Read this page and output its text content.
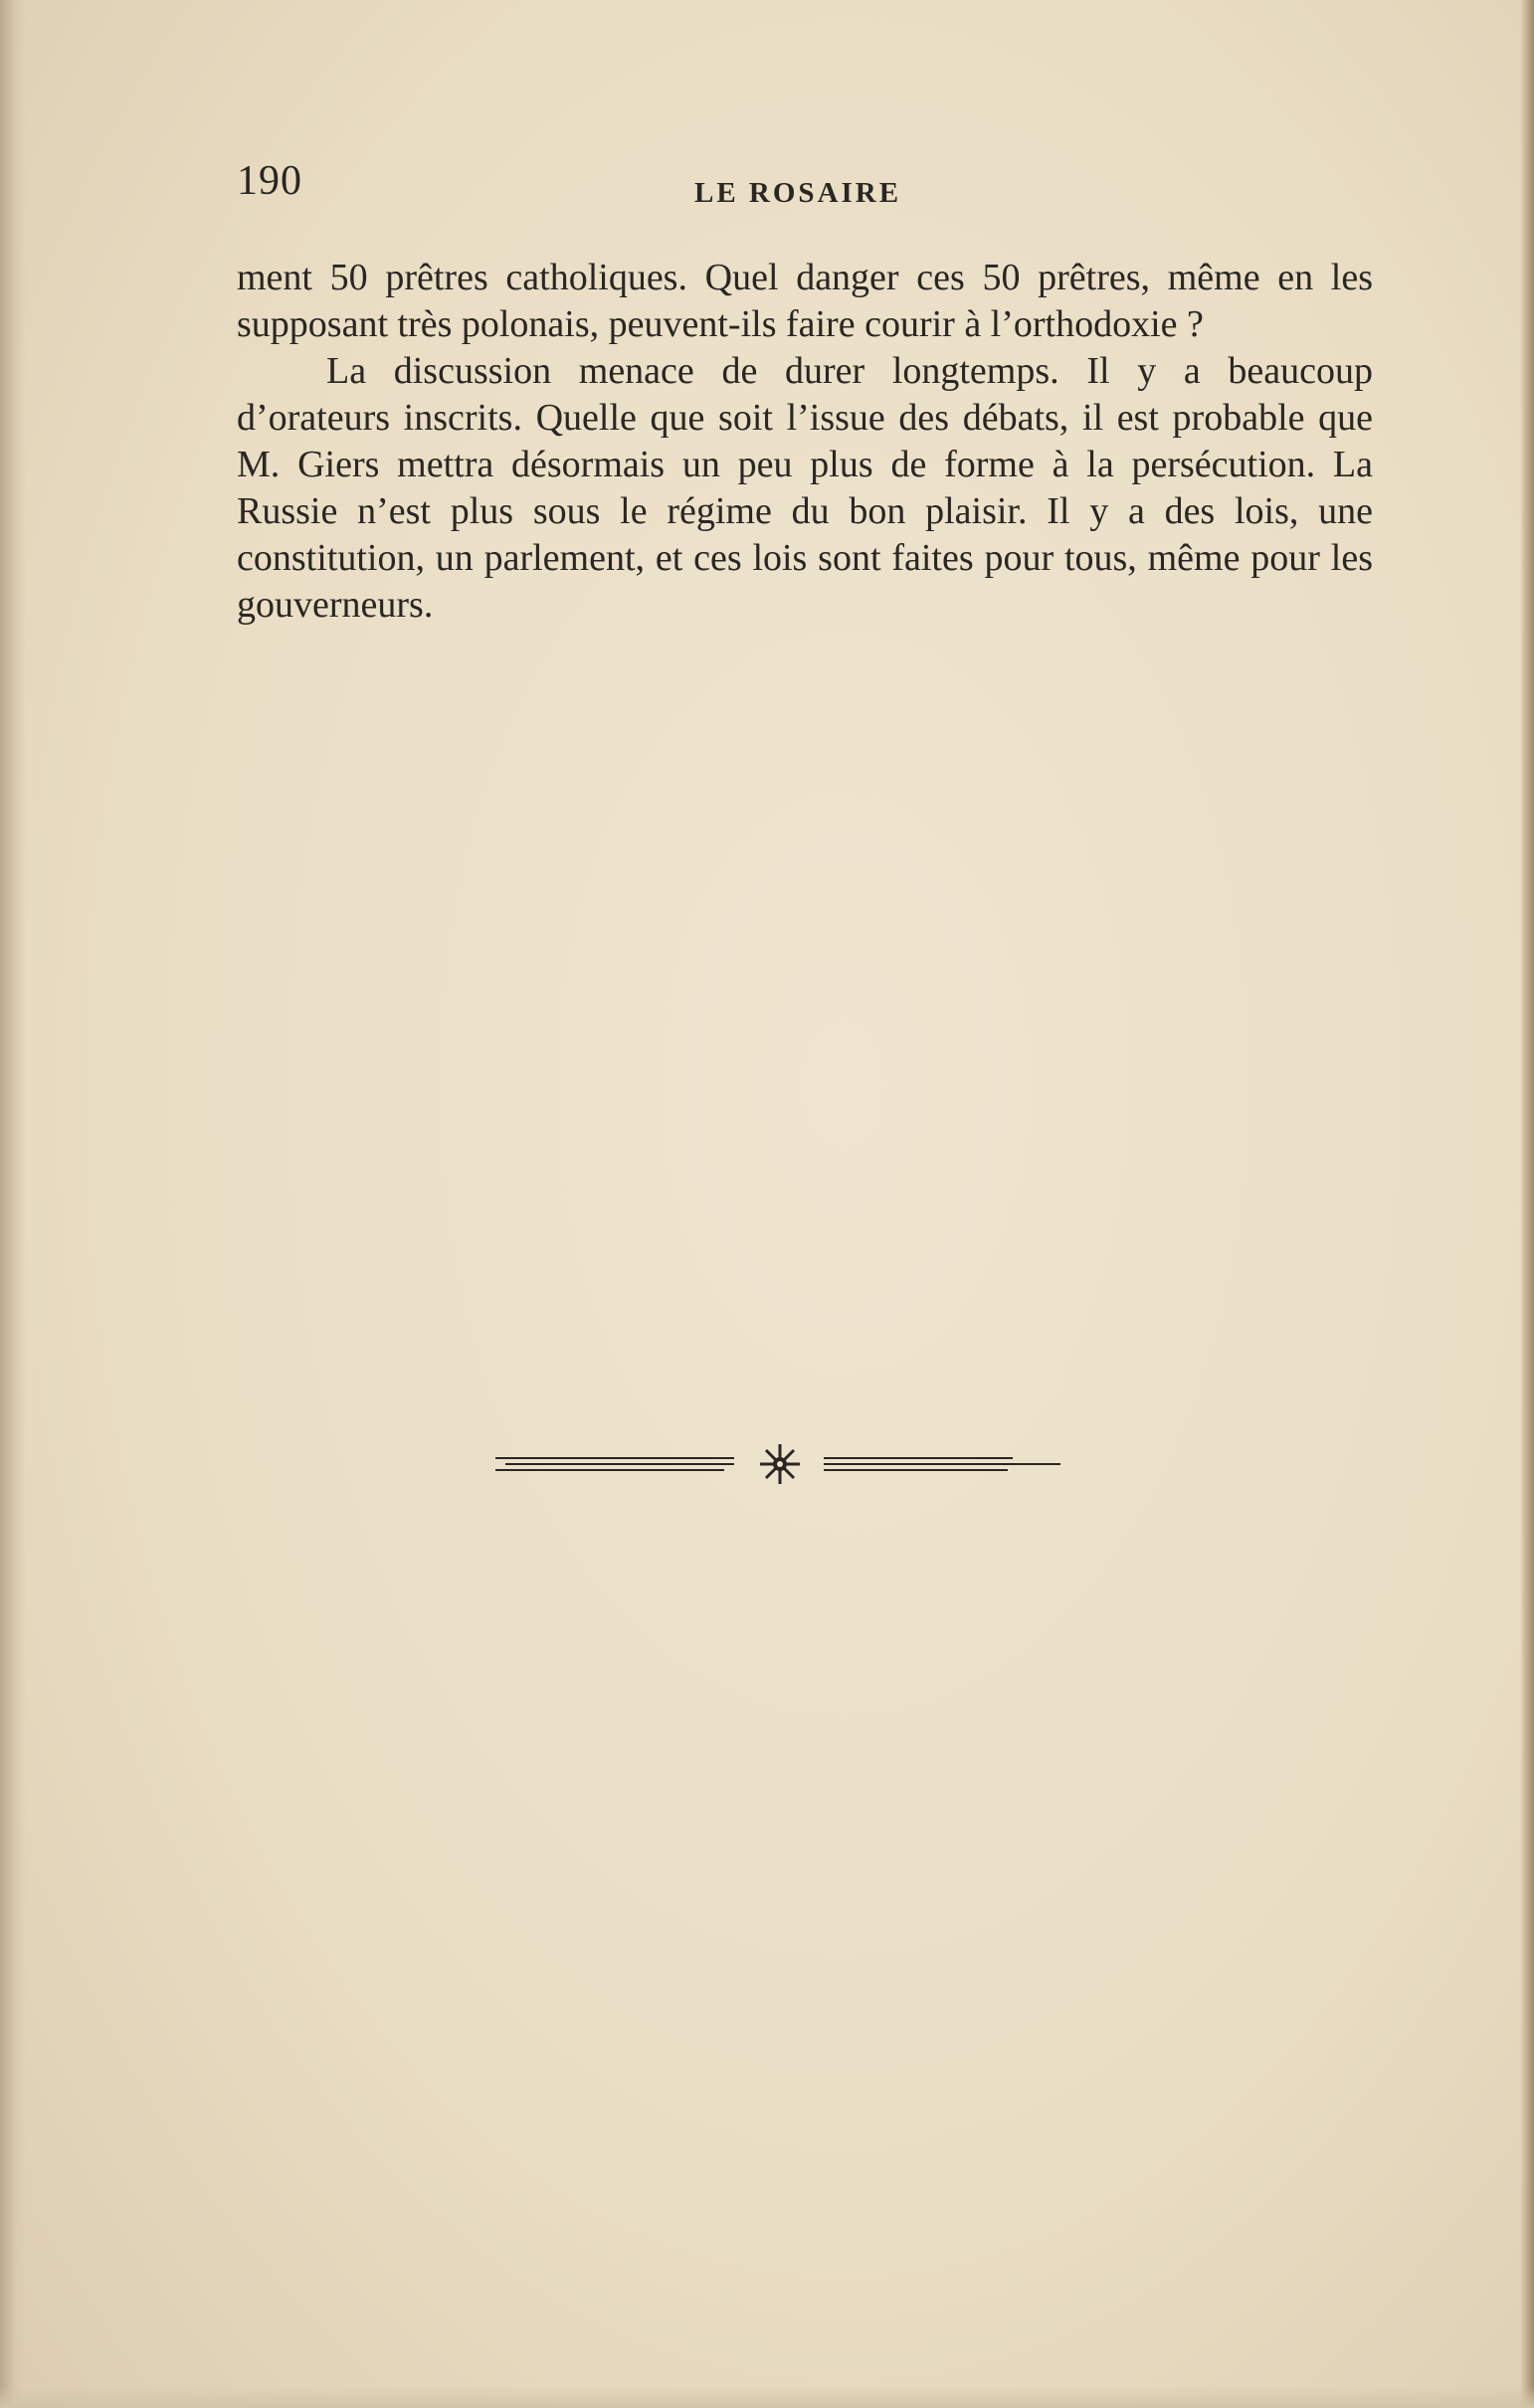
190	LE ROSAIRE

ment 50 prêtres catholiques. Quel danger ces 50 prêtres, même en les supposant très polonais, peuvent-ils faire courir à l’orthodoxie ?

La discussion menace de durer longtemps. Il y a beaucoup d’orateurs inscrits. Quelle que soit l’issue des débats, il est probable que M. Giers mettra désormais un peu plus de forme à la persécution. La Russie n’est plus sous le régime du bon plaisir. Il y a des lois, une constitution, un parlement, et ces lois sont faites pour tous, même pour les gouverneurs.
